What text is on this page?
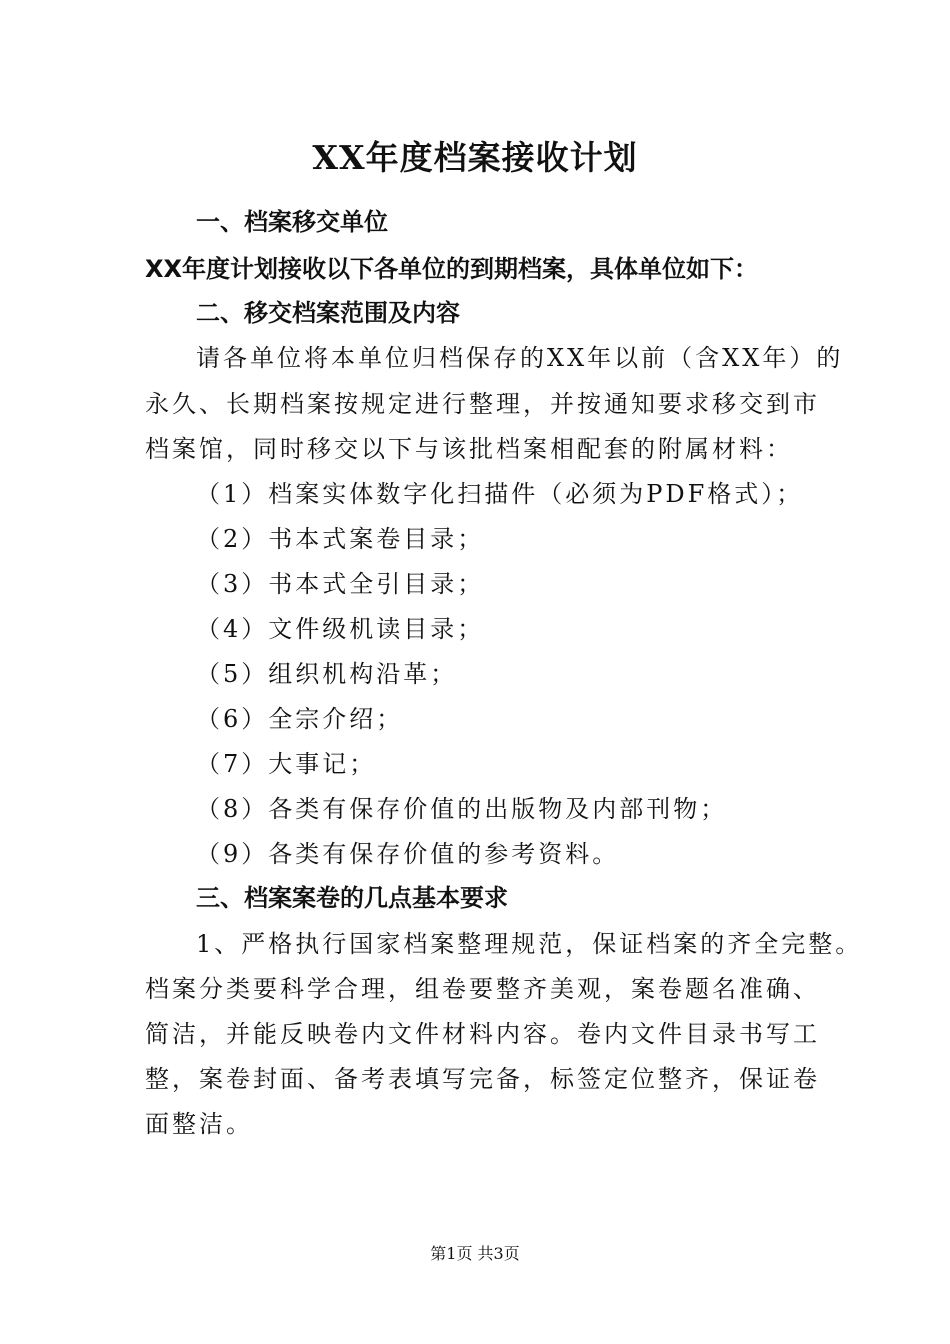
XX年度档案接收计划
一、档案移交单位
XX年度计划接收以下各单位的到期档案，具体单位如下：
二、移交档案范围及内容
请各单位将本单位归档保存的XX年以前（含XX年）的
永久、长期档案按规定进行整理，并按通知要求移交到市
档案馆，同时移交以下与该批档案相配套的附属材料：
（1）档案实体数字化扫描件（必须为PDF格式）；
（2）书本式案卷目录；
（3）书本式全引目录；
（4）文件级机读目录；
（5）组织机构沿革；
（6）全宗介绍；
（7）大事记；
（8）各类有保存价值的出版物及内部刊物；
（9）各类有保存价值的参考资料。
三、档案案卷的几点基本要求
1、严格执行国家档案整理规范，保证档案的齐全完整。
档案分类要科学合理，组卷要整齐美观，案卷题名准确、
简洁，并能反映卷内文件材料内容。卷内文件目录书写工
整，案卷封面、备考表填写完备，标签定位整齐，保证卷
面整洁。
第1页 共3页
